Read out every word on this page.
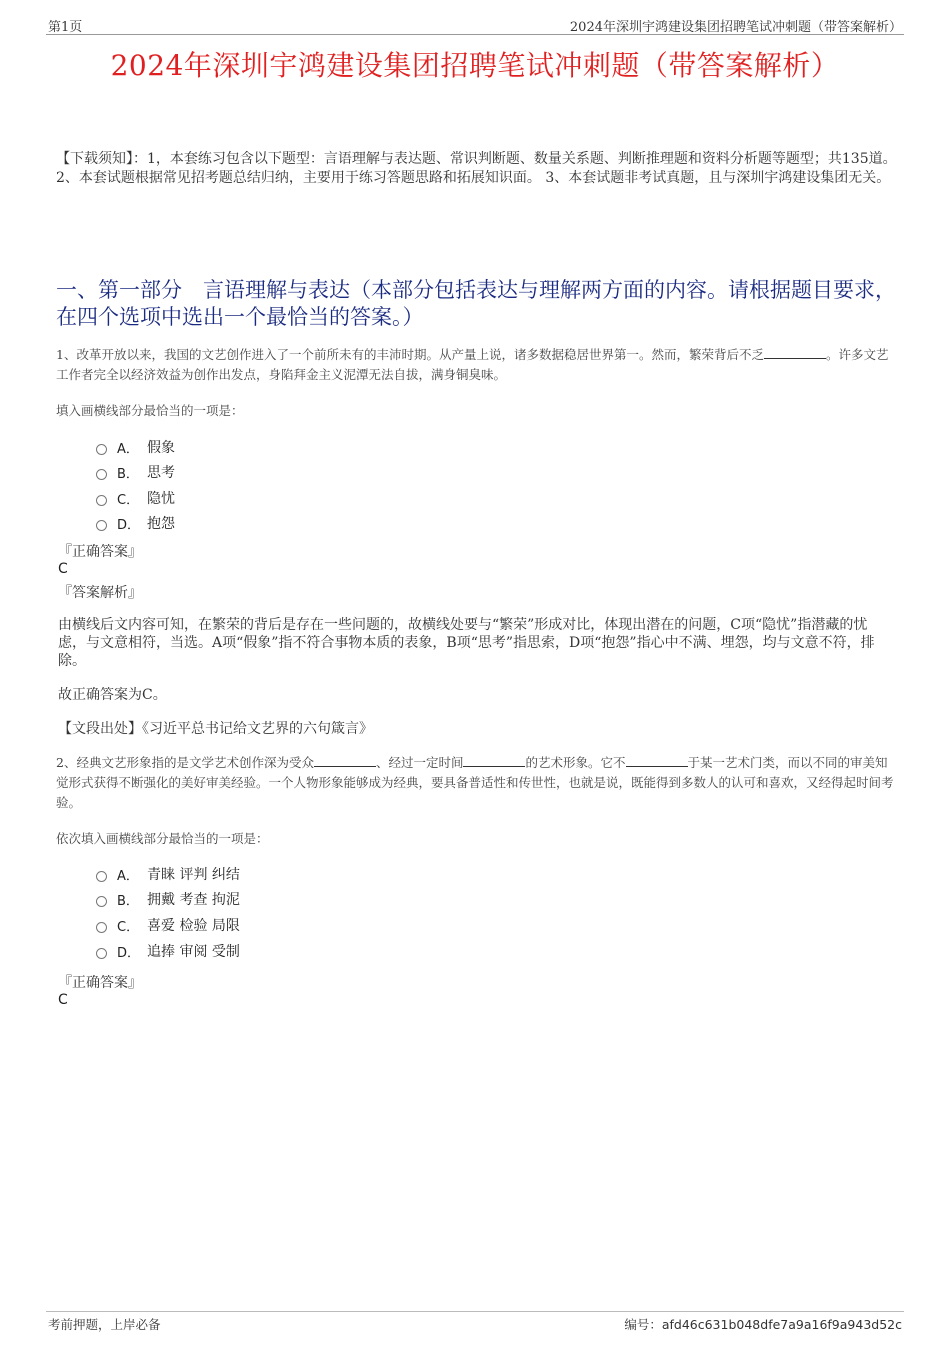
第1页	2024年深圳宇鸿建设集团招聘笔试冲刺题（带答案解析）
2024年深圳宇鸿建设集团招聘笔试冲刺题（带答案解析）
【下载须知】：1，本套练习包含以下题型：言语理解与表达题、常识判断题、数量关系题、判断推理题和资料分析题等题型；共135道。 2、本套试题根据常见招考题总结归纳，主要用于练习答题思路和拓展知识面。 3、本套试题非考试真题，且与深圳宇鸿建设集团无关。
一、第一部分　言语理解与表达（本部分包括表达与理解两方面的内容。请根据题目要求，在四个选项中选出一个最恰当的答案。）
1、改革开放以来，我国的文艺创作进入了一个前所未有的丰沛时期。从产量上说，诸多数据稳居世界第一。然而，繁荣背后不乏	。许多文艺工作者完全以经济效益为创作出发点，身陷拜金主义泥潭无法自拔，满身铜臭味。
填入画横线部分最恰当的一项是：
A． 假象
B． 思考
C． 隐忧
D． 抱怨
『正确答案』
C
『答案解析』
由横线后文内容可知，在繁荣的背后是存在一些问题的，故横线处要与“繁荣”形成对比，体现出潜在的问题，C项“隐忧”指潜藏的忧虑，与文意相符，当选。A项“假象”指不符合事物本质的表象，B项“思考”指思索，D项“抱怨”指心中不满、埋怨，均与文意不符，排除。
故正确答案为C。
【文段出处】《习近平总书记给文艺界的六句箴言》
2、经典文艺形象指的是文学艺术创作深为受众	、经过一定时间	的艺术形象。它不	于某一艺术门类，而以不同的审美知觉形式获得不断强化的美好审美经验。一个人物形象能够成为经典，要具备普适性和传世性，也就是说，既能得到多数人的认可和喜欢，又经得起时间考验。
依次填入画横线部分最恰当的一项是：
A． 青睐 评判 纠结
B． 拥戴 考查 拘泥
C． 喜爱 检验 局限
D． 追捧 审阅 受制
『正确答案』
C
考前押题，上岸必备	编号：afd46c631b048dfe7a9a16f9a943d52c
